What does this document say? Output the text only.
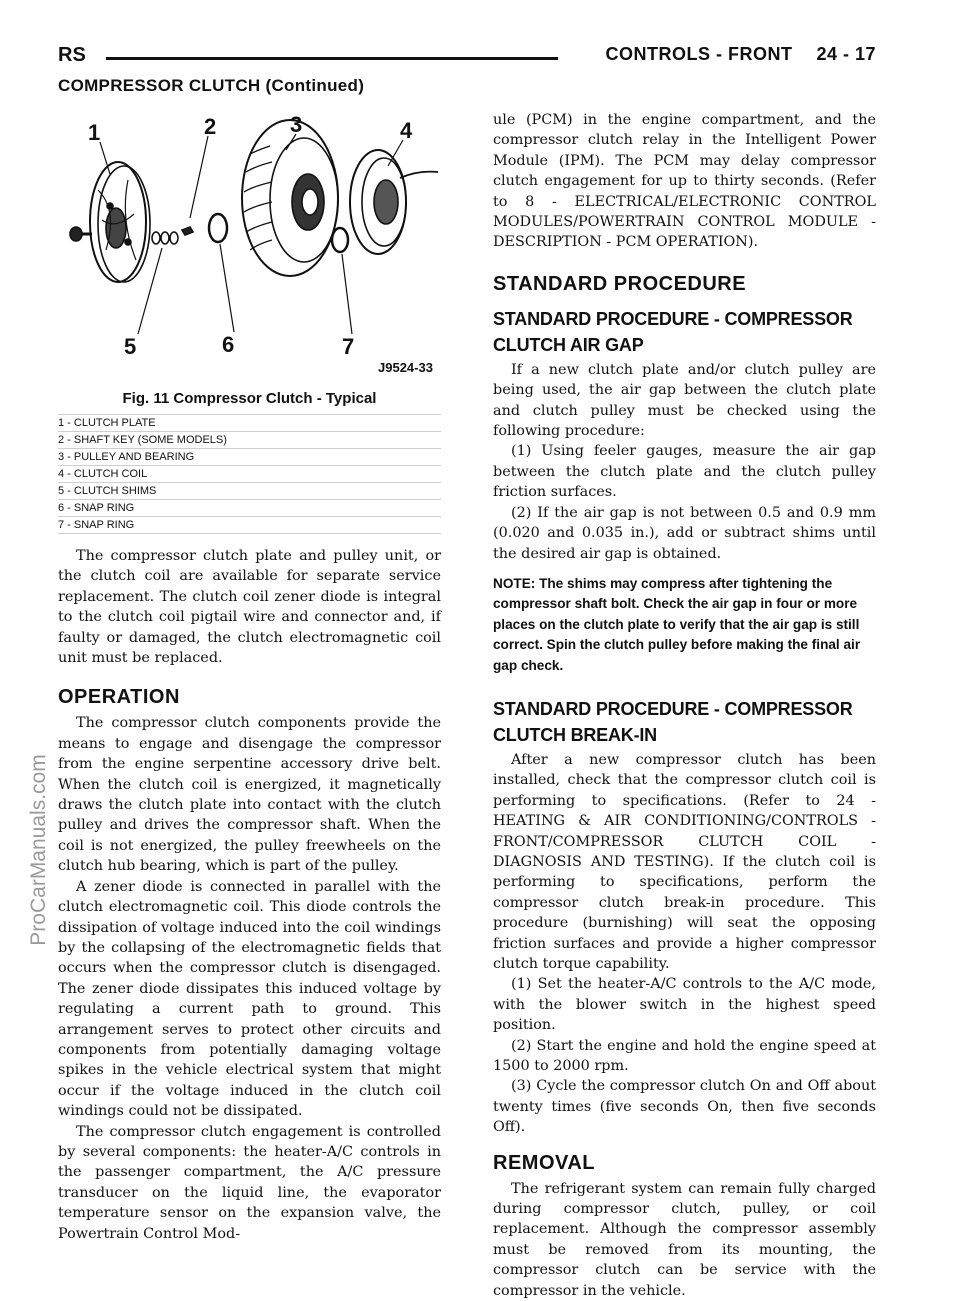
RS	CONTROLS - FRONT 24 - 17
COMPRESSOR CLUTCH (Continued)
ProCarManuals.com
1	2	3	4
5	6	7
J9524-33
Fig. 11 Compressor Clutch - Typical
1 - CLUTCH PLATE
2 - SHAFT KEY (SOME MODELS)
3 - PULLEY AND BEARING
4 - CLUTCH COIL
5 - CLUTCH SHIMS
6 - SNAP RING
7 - SNAP RING

The compressor clutch plate and pulley unit, or the clutch coil are available for separate service replacement. The clutch coil zener diode is integral to the clutch coil pigtail wire and connector and, if faulty or damaged, the clutch electromagnetic coil unit must be replaced.

OPERATION

The compressor clutch components provide the means to engage and disengage the compressor from the engine serpentine accessory drive belt. When the clutch coil is energized, it magnetically draws the clutch plate into contact with the clutch pulley and drives the compressor shaft. When the coil is not energized, the pulley freewheels on the clutch hub bearing, which is part of the pulley.

A zener diode is connected in parallel with the clutch electromagnetic coil. This diode controls the dissipation of voltage induced into the coil windings by the collapsing of the electromagnetic fields that occurs when the compressor clutch is disengaged. The zener diode dissipates this induced voltage by regulating a current path to ground. This arrangement serves to protect other circuits and components from potentially damaging voltage spikes in the vehicle electrical system that might occur if the voltage induced in the clutch coil windings could not be dissipated.

The compressor clutch engagement is controlled by several components: the heater-A/C controls in the passenger compartment, the A/C pressure transducer on the liquid line, the evaporator temperature sensor on the expansion valve, the Powertrain Control Mod-

ule (PCM) in the engine compartment, and the compressor clutch relay in the Intelligent Power Module (IPM). The PCM may delay compressor clutch engagement for up to thirty seconds. (Refer to 8 - ELECTRICAL/ELECTRONIC CONTROL MODULES/POWERTRAIN CONTROL MODULE - DESCRIPTION - PCM OPERATION).

STANDARD PROCEDURE
STANDARD PROCEDURE - COMPRESSOR
CLUTCH AIR GAP

If a new clutch plate and/or clutch pulley are being used, the air gap between the clutch plate and clutch pulley must be checked using the following procedure:

(1) Using feeler gauges, measure the air gap between the clutch plate and the clutch pulley friction surfaces.

(2) If the air gap is not between 0.5 and 0.9 mm (0.020 and 0.035 in.), add or subtract shims until the desired air gap is obtained.

NOTE: The shims may compress after tightening the compressor shaft bolt. Check the air gap in four or more places on the clutch plate to verify that the air gap is still correct. Spin the clutch pulley before making the final air gap check.

STANDARD PROCEDURE - COMPRESSOR
CLUTCH BREAK-IN

After a new compressor clutch has been installed, check that the compressor clutch coil is performing to specifications. (Refer to 24 - HEATING & AIR CONDITIONING/CONTROLS - FRONT/COMPRESSOR CLUTCH COIL - DIAGNOSIS AND TESTING). If the clutch coil is performing to specifications, perform the compressor clutch break-in procedure. This procedure (burnishing) will seat the opposing friction surfaces and provide a higher compressor clutch torque capability.

(1) Set the heater-A/C controls to the A/C mode, with the blower switch in the highest speed position.

(2) Start the engine and hold the engine speed at 1500 to 2000 rpm.

(3) Cycle the compressor clutch On and Off about twenty times (five seconds On, then five seconds Off).

REMOVAL

The refrigerant system can remain fully charged during compressor clutch, pulley, or coil replacement. Although the compressor assembly must be removed from its mounting, the compressor clutch can be service with the compressor in the vehicle.
